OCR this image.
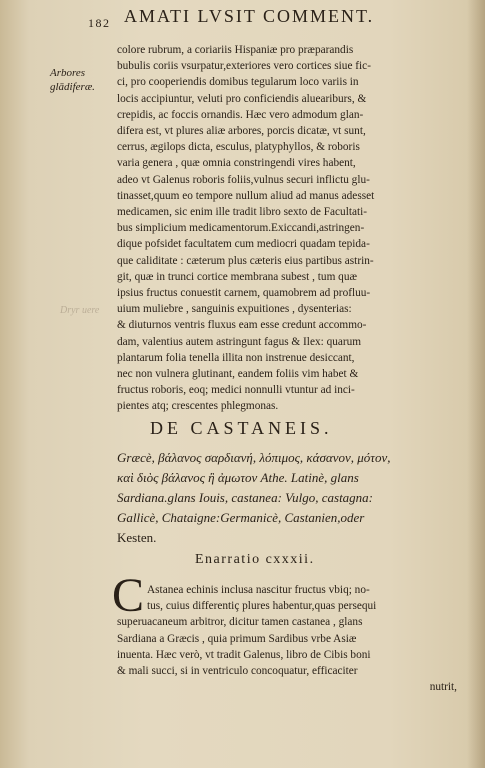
182 AMATI LVSIT COMMENT.
Arbores glādiferæ.
Dryr uere
colore rubrum, a coriariis Hispaniæ pro præparandis
bubulis coriis vsurpatur,exteriores vero cortices siue fic-
ci, pro cooperiendis domibus tegularum loco variis in
locis accipiuntur, veluti pro conficiendis alueariburs, &
crepidis, ac foccis ornandis. Hæc vero admodum glan-
difera est, vt plures aliæ arbores, porcis dicatæ, vt sunt,
cerrus, ægilops dicta, esculus, platyphyllos, & roboris
varia genera , quæ omnia constringendi vires habent,
adeo vt Galenus roboris foliis,vulnus securi inflictu glu-
tinasset,quum eo tempore nullum aliud ad manus adesset
medicamen, sic enim ille tradit libro sexto de Facultati-
bus simplicium medicamentorum.Exiccandi,astringen-
dique pofsidet facultatem cum mediocri quadam tepida-
que caliditate : cæterum plus cæteris eius partibus astrin-
git, quæ in trunci cortice membrana subest , tum quæ
ipsius fructus conuestit carnem, quamobrem ad profluu-
uium muliebre , sanguinis expuitiones , dysenterias:
& diuturnos ventris fluxus eam esse credunt accommo-
dam, valentius autem astringunt fagus & Ilex: quarum
plantarum folia tenella illita non instrenue desiccant,
nec non vulnera glutinant, eandem foliis vim habet &
fructus roboris, eoq; medici nonnulli vtuntur ad inci-
pientes atq; crescentes phlegmonas.
DE CASTANEIS.
Græcè, βάλανος σαρδιανή, λόπιμος, κάσανον, μότον,
καὶ διὸς βάλανος ἢ ἀμωτον Athe. Latinè, glans
Sardiana.glans Iouis, castanea: Vulgo, castagna:
Gallicè, Chataigne:Germanicè, Castanien,oder
Kesten.
Enarratio cxxxii.
C Astanea echinis inclusa nascitur fructus vbiq; no-
tus, cuius differentiç plures habentur,quas persequi
superuacaneum arbitror, dicitur tamen castanea , glans
Sardiana a Græcis , quia primum Sardibus vrbe Asiæ
inuenta. Hæc verò, vt tradit Galenus, libro de Cibis boni
& mali succi, si in ventriculo concoquatur, efficaciter
nutrit,
